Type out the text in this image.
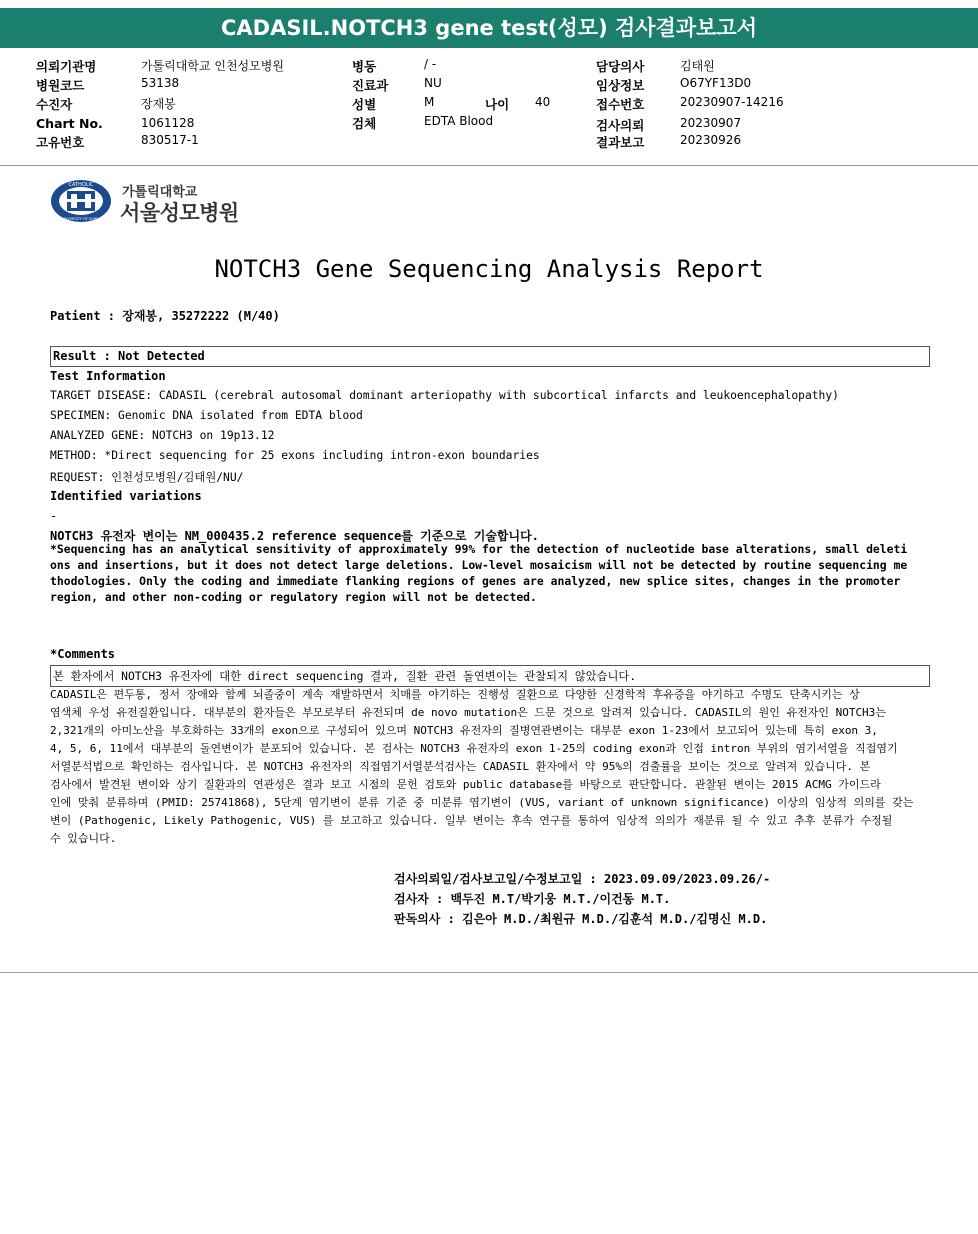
CADASIL.NOTCH3 gene test(성모) 검사결과보고서
의뢰기관명	가톨릭대학교 인천성모병원
병원코드	53138
수진자	장재봉
Chart No.	1061128
고유번호	830517-1
병동	/ -
진료과	NU
성별	M	나이 40
검체	EDTA Blood
담당의사	김태원
임상정보	O67YF13D0
접수번호	20230907-14216
검사의뢰	20230907
결과보고	20230926
CATHOLIC
UNIVERSITY OF KOREA
가톨릭대학교
서울성모병원
NOTCH3 Gene Sequencing Analysis Report
Patient : 장재봉, 35272222 (M/40)
Result : Not Detected
Test Information
TARGET DISEASE: CADASIL (cerebral autosomal dominant arteriopathy with subcortical infarcts and leukoencephalopathy)
SPECIMEN: Genomic DNA isolated from EDTA blood
ANALYZED GENE: NOTCH3 on 19p13.12
METHOD: *Direct sequencing for 25 exons including intron-exon boundaries
REQUEST: 인천성모병원/김태원/NU/
Identified variations
-
NOTCH3 유전자 변이는 NM_000435.2 reference sequence를 기준으로 기술합니다.
*Sequencing has an analytical sensitivity of approximately 99% for the detection of nucleotide base alterations, small deleti
ons and insertions, but it does not detect large deletions. Low-level mosaicism will not be detected by routine sequencing me
thodologies. Only the coding and immediate flanking regions of genes are analyzed, new splice sites, changes in the promoter
region, and other non-coding or regulatory region will not be detected.
*Comments
본 환자에서 NOTCH3 유전자에 대한 direct sequencing 결과, 질환 관련 돌연변이는 관찰되지 않았습니다.
CADASIL은 편두통, 정서 장애와 함께 뇌졸중이 계속 재발하면서 치매를 야기하는 진행성 질환으로 다양한 신경학적 후유증을 야기하고 수명도 단축시키는 상
염색체 우성 유전질환입니다. 대부분의 환자들은 부모로부터 유전되며 de novo mutation은 드문 것으로 알려져 있습니다. CADASIL의 원인 유전자인 NOTCH3는
2,321개의 아미노산을 부호화하는 33개의 exon으로 구성되어 있으며 NOTCH3 유전자의 질병연관변이는 대부분 exon 1-23에서 보고되어 있는데 특히 exon 3,
4, 5, 6, 11에서 대부분의 돌연변이가 분포되어 있습니다. 본 검사는 NOTCH3 유전자의 exon 1-25의 coding exon과 인접 intron 부위의 염기서열을 직접염기
서열분석법으로 확인하는 검사입니다. 본 NOTCH3 유전자의 직접염기서열분석검사는 CADASIL 환자에서 약 95%의 검출률을 보이는 것으로 알려져 있습니다. 본
검사에서 발견된 변이와 상기 질환과의 연관성은 결과 보고 시점의 문헌 검토와 public database를 바탕으로 판단합니다. 관찰된 변이는 2015 ACMG 가이드라
인에 맞춰 분류하며 (PMID: 25741868), 5단계 염기변이 분류 기준 중 미분류 염기변이 (VUS, variant of unknown significance) 이상의 임상적 의의를 갖는
변이 (Pathogenic, Likely Pathogenic, VUS) 를 보고하고 있습니다. 일부 변이는 후속 연구를 통하여 임상적 의의가 재분류 될 수 있고 추후 분류가 수정될
수 있습니다.
검사의뢰일/검사보고일/수정보고일 : 2023.09.09/2023.09.26/-
검사자 : 백두진 M.T/박기웅 M.T./이건동 M.T.
판독의사 : 김은아 M.D./최원규 M.D./김훈석 M.D./김명신 M.D.
